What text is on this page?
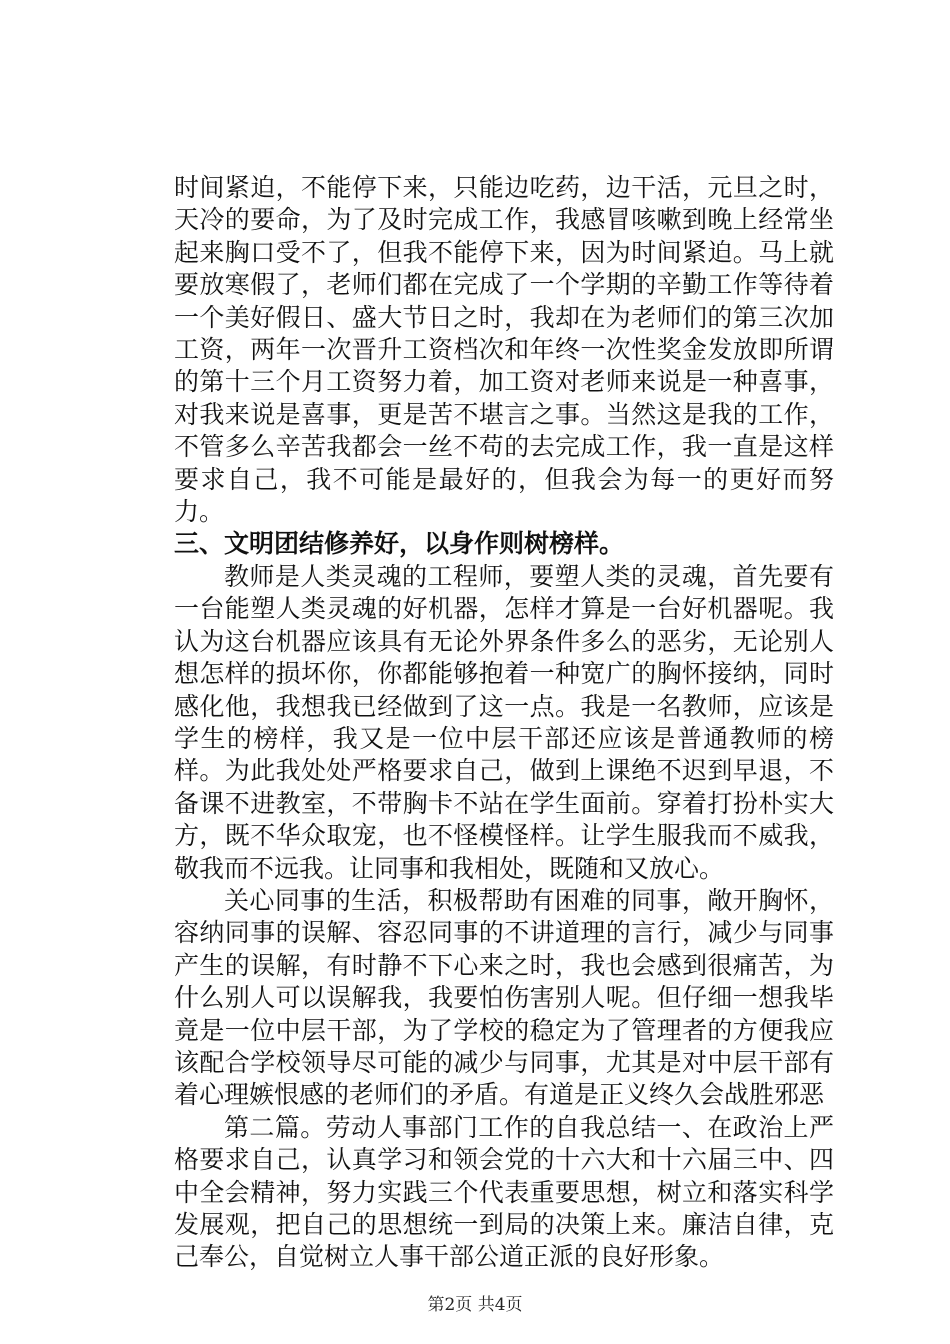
时间紧迫，不能停下来，只能边吃药，边干活，元旦之时，天冷的要命，为了及时完成工作，我感冒咳嗽到晚上经常坐起来胸口受不了，但我不能停下来，因为时间紧迫。马上就要放寒假了，老师们都在完成了一个学期的辛勤工作等待着一个美好假日、盛大节日之时，我却在为老师们的第三次加工资，两年一次晋升工资档次和年终一次性奖金发放即所谓的第十三个月工资努力着，加工资对老师来说是一种喜事，对我来说是喜事，更是苦不堪言之事。当然这是我的工作，不管多么辛苦我都会一丝不苟的去完成工作，我一直是这样要求自己，我不可能是最好的，但我会为每一的更好而努力。

三、文明团结修养好，以身作则树榜样。

教师是人类灵魂的工程师，要塑人类的灵魂，首先要有一台能塑人类灵魂的好机器，怎样才算是一台好机器呢。我认为这台机器应该具有无论外界条件多么的恶劣，无论别人想怎样的损坏你，你都能够抱着一种宽广的胸怀接纳，同时感化他，我想我已经做到了这一点。我是一名教师，应该是学生的榜样，我又是一位中层干部还应该是普通教师的榜样。为此我处处严格要求自己，做到上课绝不迟到早退，不备课不进教室，不带胸卡不站在学生面前。穿着打扮朴实大方，既不华众取宠，也不怪模怪样。让学生服我而不威我，敬我而不远我。让同事和我相处，既随和又放心。

关心同事的生活，积极帮助有困难的同事，敞开胸怀，容纳同事的误解、容忍同事的不讲道理的言行，减少与同事产生的误解，有时静不下心来之时，我也会感到很痛苦，为什么别人可以误解我，我要怕伤害别人呢。但仔细一想我毕竟是一位中层干部，为了学校的稳定为了管理者的方便我应该配合学校领导尽可能的减少与同事，尤其是对中层干部有着心理嫉恨感的老师们的矛盾。有道是正义终久会战胜邪恶

第二篇。劳动人事部门工作的自我总结一、在政治上严格要求自己，认真学习和领会党的十六大和十六届三中、四中全会精神，努力实践三个代表重要思想，树立和落实科学发展观，把自己的思想统一到局的决策上来。廉洁自律，克己奉公，自觉树立人事干部公道正派的良好形象。

第2页 共4页
